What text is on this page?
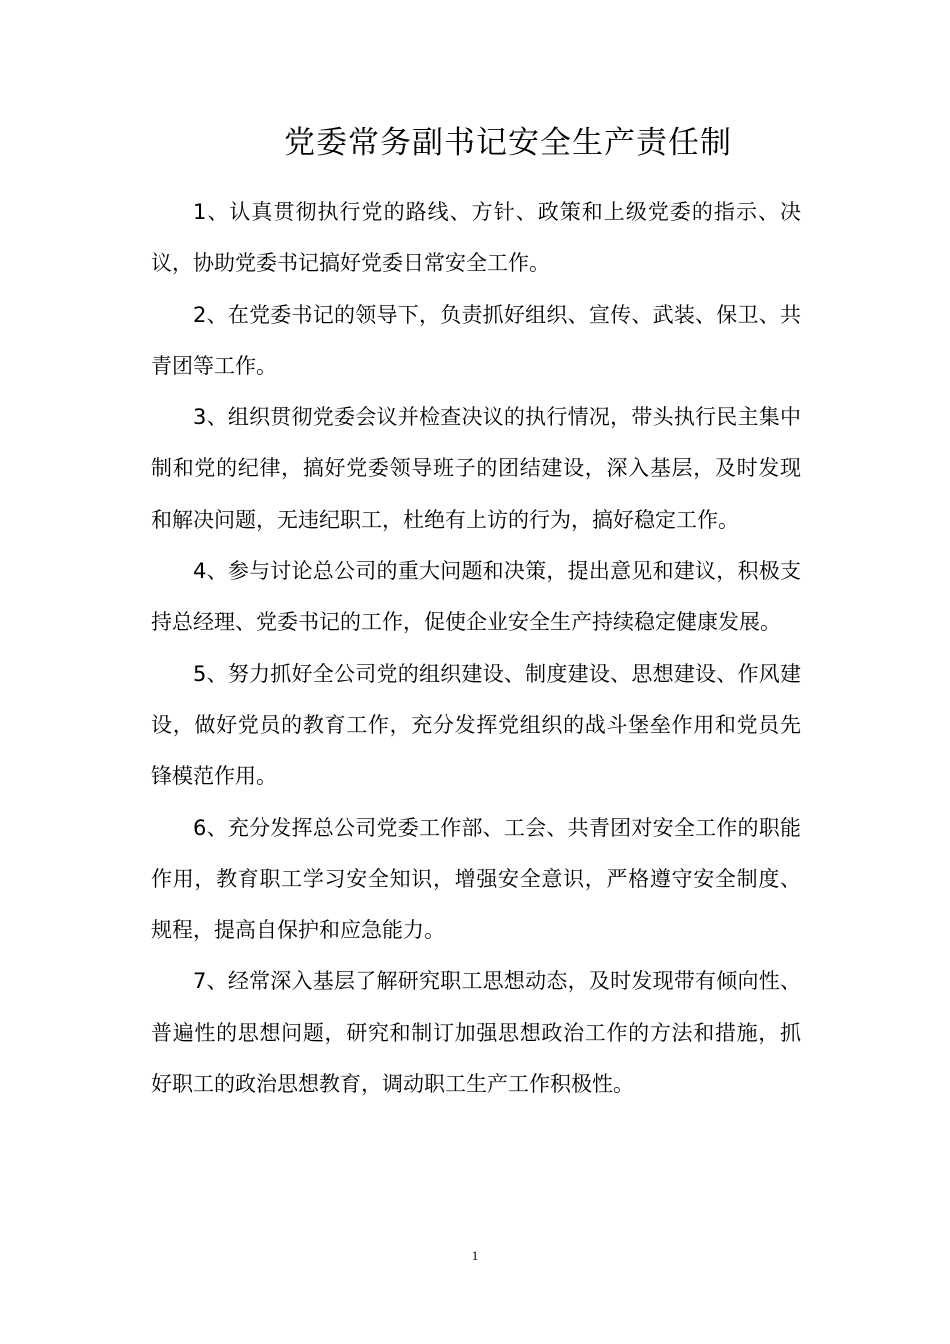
党委常务副书记安全生产责任制

1、认真贯彻执行党的路线、方针、政策和上级党委的指示、决议，协助党委书记搞好党委日常安全工作。

2、在党委书记的领导下，负责抓好组织、宣传、武装、保卫、共青团等工作。

3、组织贯彻党委会议并检查决议的执行情况，带头执行民主集中制和党的纪律，搞好党委领导班子的团结建设，深入基层，及时发现和解决问题，无违纪职工，杜绝有上访的行为，搞好稳定工作。

4、参与讨论总公司的重大问题和决策，提出意见和建议，积极支持总经理、党委书记的工作，促使企业安全生产持续稳定健康发展。

5、努力抓好全公司党的组织建设、制度建设、思想建设、作风建设，做好党员的教育工作，充分发挥党组织的战斗堡垒作用和党员先锋模范作用。

6、充分发挥总公司党委工作部、工会、共青团对安全工作的职能作用，教育职工学习安全知识，增强安全意识，严格遵守安全制度、规程，提高自保护和应急能力。

7、经常深入基层了解研究职工思想动态，及时发现带有倾向性、普遍性的思想问题，研究和制订加强思想政治工作的方法和措施，抓好职工的政治思想教育，调动职工生产工作积极性。

1
